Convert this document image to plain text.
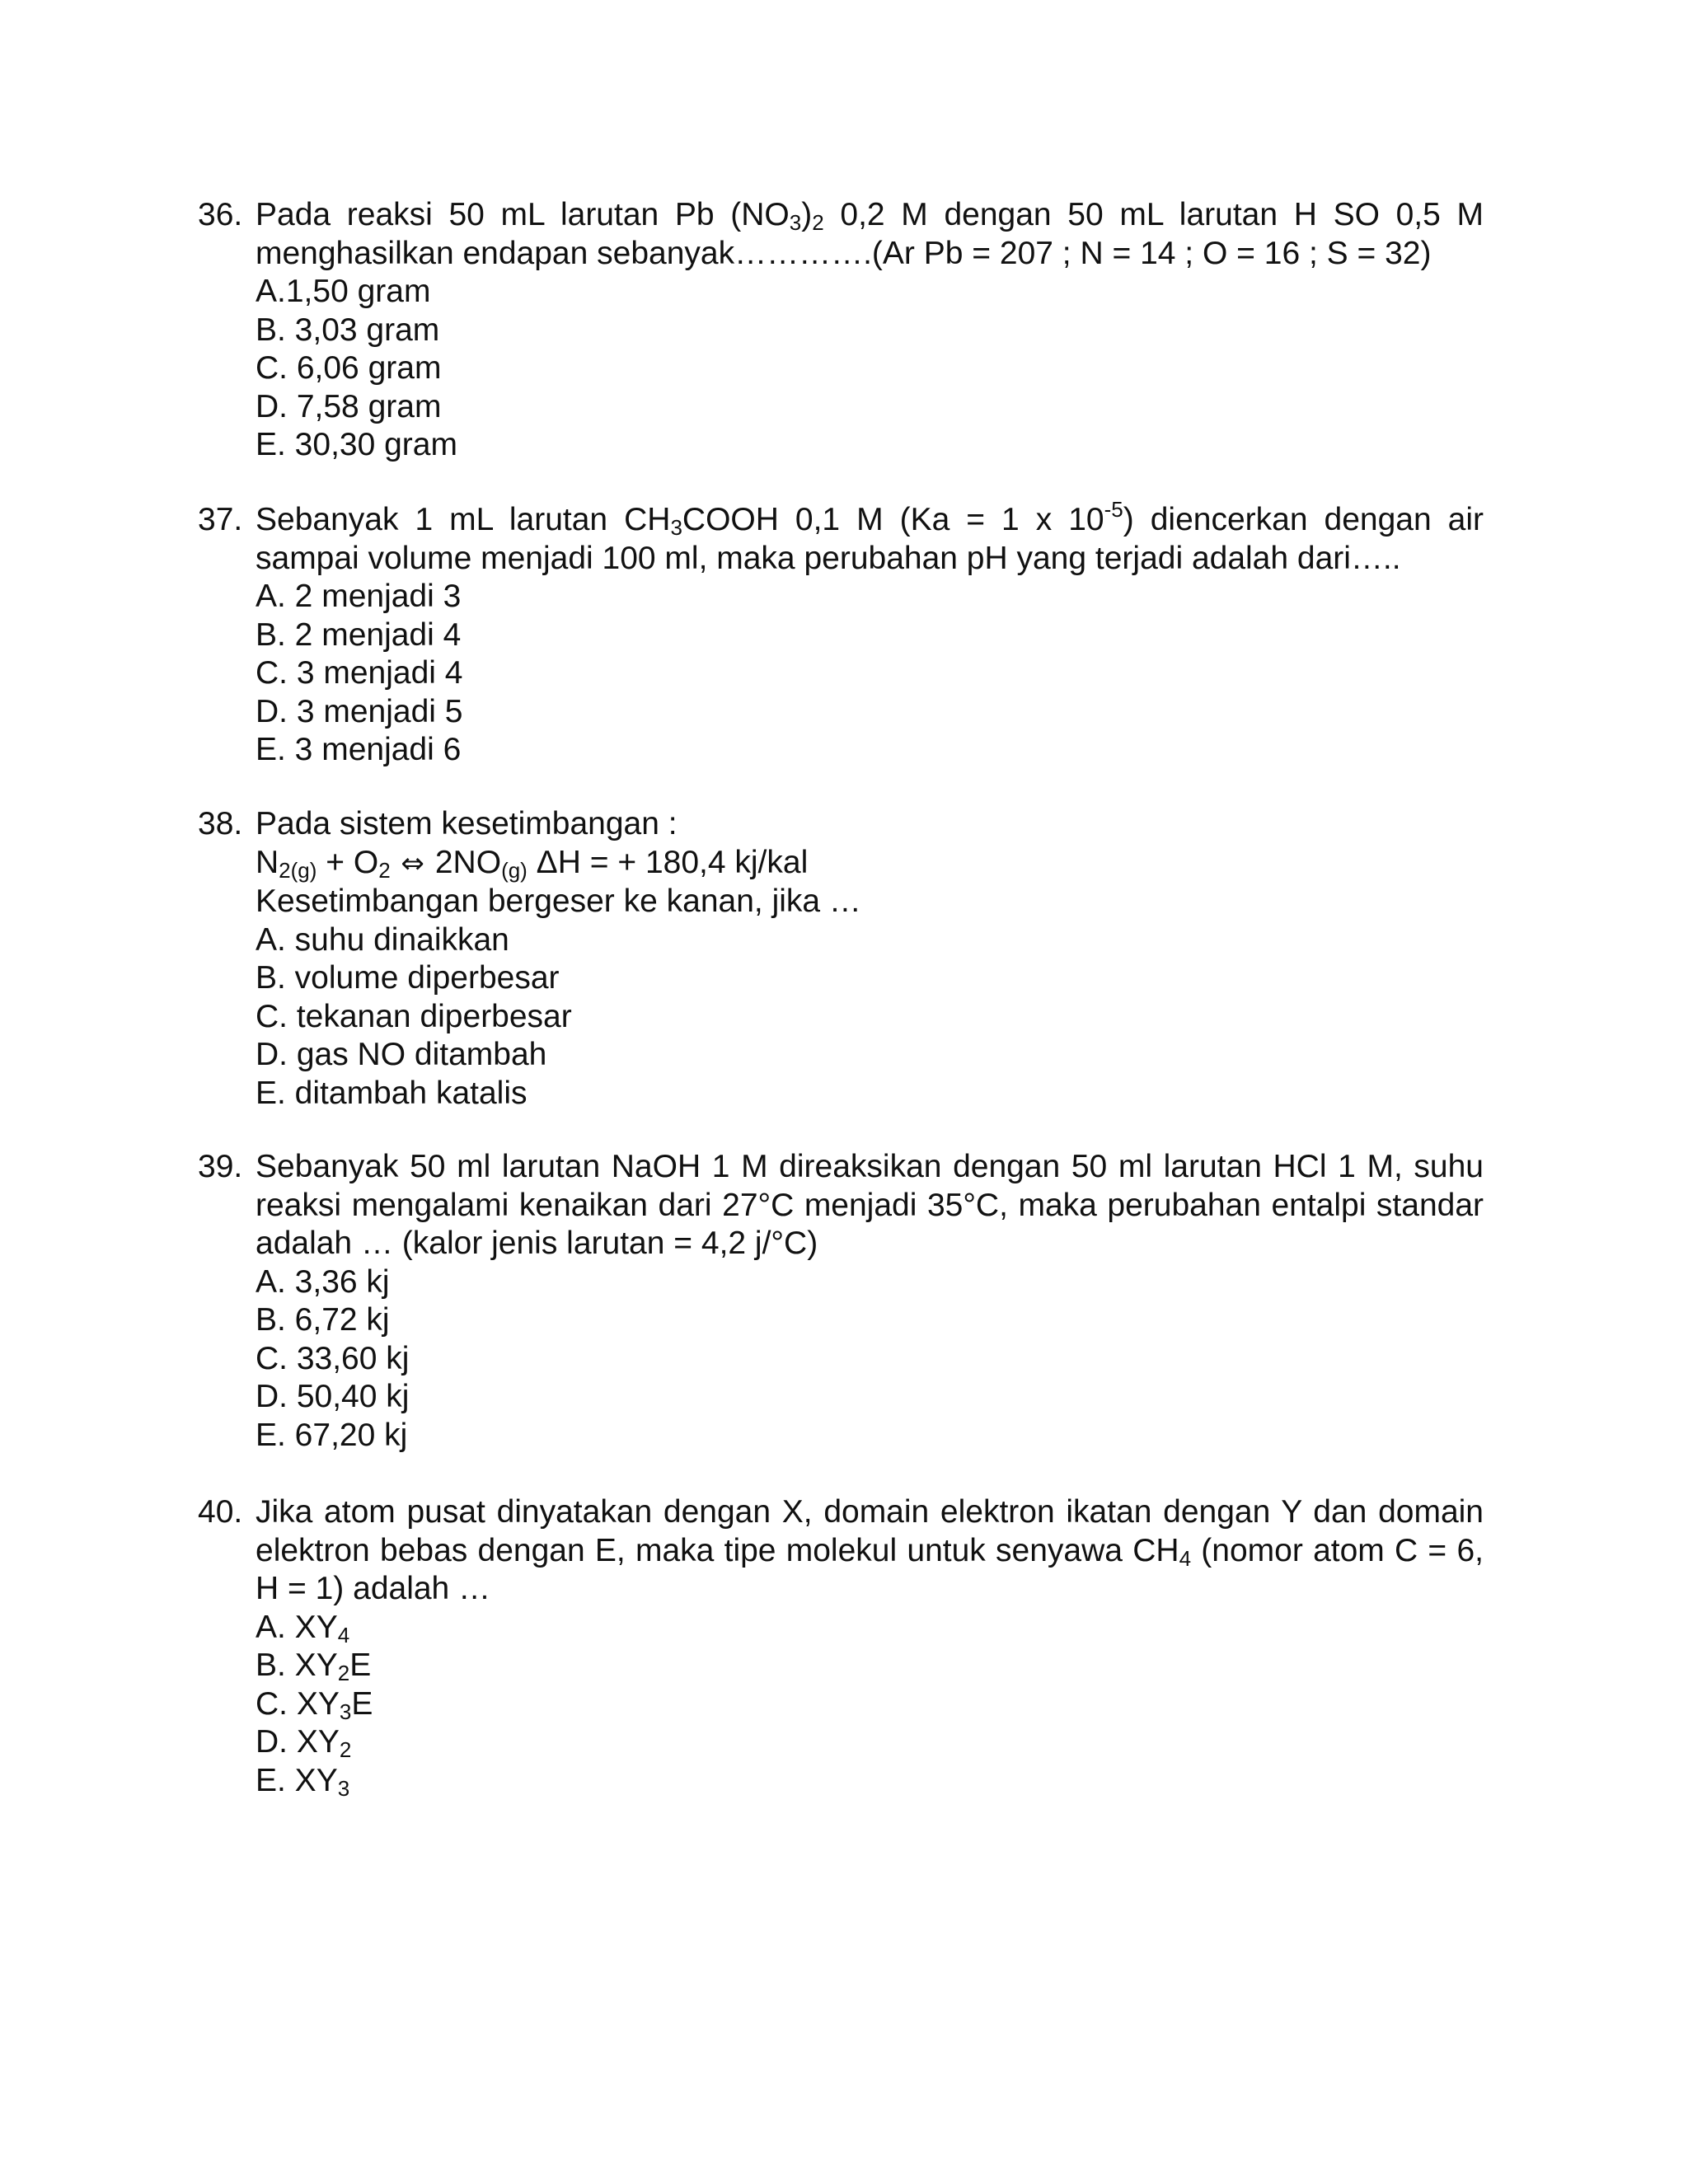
36. Pada reaksi 50 mL larutan Pb $(NO_3)_2$ 0,2 M dengan 50 mL larutan H SO 0,5 M menghasilkan endapan sebanyak………….(Ar Pb = 207 ; N = 14 ; O = 16 ; S = 32)
A.1,50 gram
B. 3,03 gram
C. 6,06 gram
D. 7,58 gram
E. 30,30 gram
37. Sebanyak 1 mL larutan $CH_3COOH$ 0,1 M (Ka = 1 x $10^{-5}$) diencerkan dengan air sampai volume menjadi 100 ml, maka perubahan pH yang terjadi adalah dari…..
A. 2 menjadi 3
B. 2 menjadi 4
C. 3 menjadi 4
D. 3 menjadi 5
E. 3 menjadi 6
38. Pada sistem kesetimbangan :
$N_{2(g)} + O_2$ ⇔ $2NO_{(g)}$ ΔH = + 180,4 kj/kal
Kesetimbangan bergeser ke kanan, jika …
A. suhu dinaikkan
B. volume diperbesar
C. tekanan diperbesar
D. gas NO ditambah
E. ditambah katalis
39. Sebanyak 50 ml larutan NaOH 1 M direaksikan dengan 50 ml larutan HCl 1 M, suhu reaksi mengalami kenaikan dari 27°C menjadi 35°C, maka perubahan entalpi standar adalah … (kalor jenis larutan = 4,2 j/°C)
A. 3,36 kj
B. 6,72 kj
C. 33,60 kj
D. 50,40 kj
E. 67,20 kj
40. Jika atom pusat dinyatakan dengan X, domain elektron ikatan dengan Y dan domain elektron bebas dengan E, maka tipe molekul untuk senyawa $CH_4$ (nomor atom C = 6, H = 1) adalah …
A. $XY_4$
B. $XY_2E$
C. $XY_3E$
D. $XY_2$
E. $XY_3$
